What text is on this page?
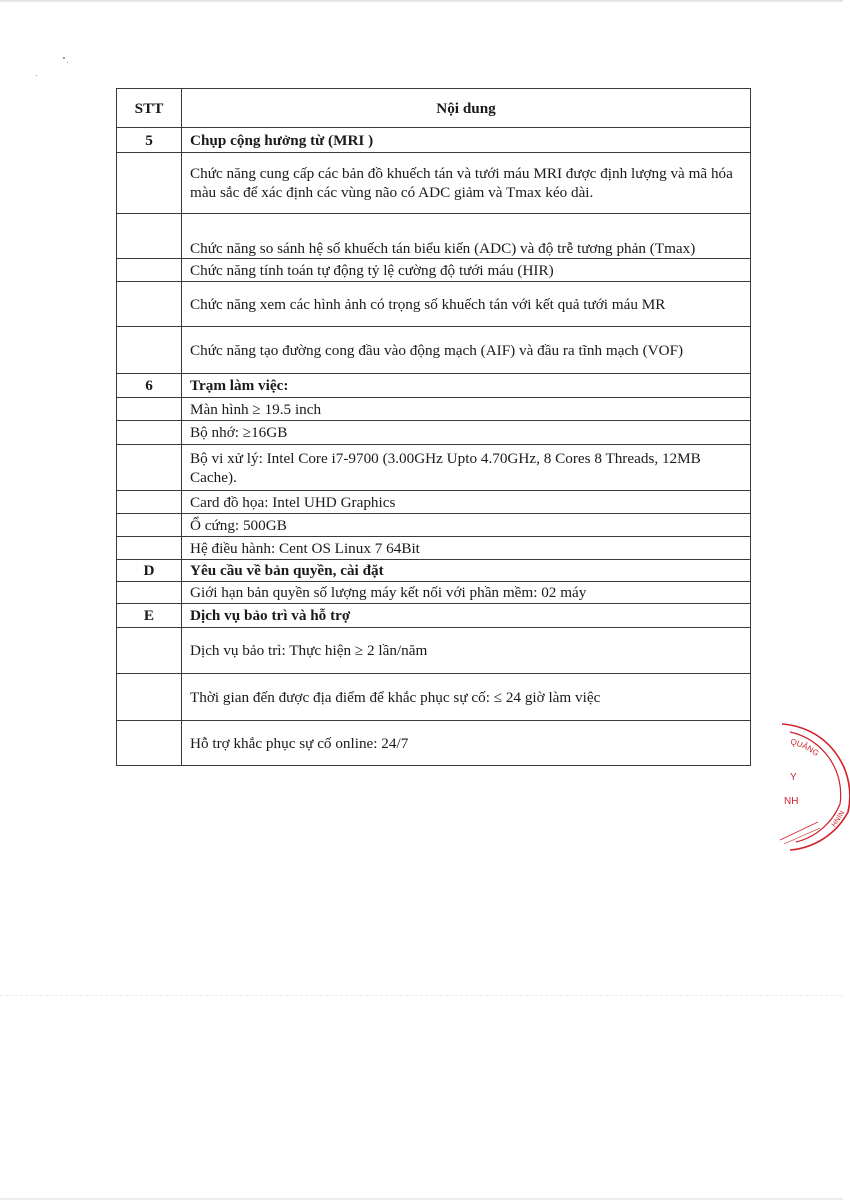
STT	Nội dung
5	Chụp cộng hưởng từ (MRI )
	Chức năng cung cấp các bản đồ khuếch tán và tưới máu MRI được định lượng và mã hóa màu sắc để xác định các vùng não có ADC giảm và Tmax kéo dài.
	Chức năng so sánh hệ số khuếch tán biểu kiến (ADC) và độ trễ tương phản (Tmax)
	Chức năng tính toán tự động tỷ lệ cường độ tưới máu (HIR)
	Chức năng xem các hình ảnh có trọng số khuếch tán với kết quả tưới máu MR
	Chức năng tạo đường cong đầu vào động mạch (AIF) và đầu ra tĩnh mạch (VOF)
6	Trạm làm việc:
	Màn hình ≥ 19.5 inch
	Bộ nhớ: ≥16GB
	Bộ vi xử lý: Intel Core i7-9700 (3.00GHz Upto 4.70GHz, 8 Cores 8 Threads, 12MB Cache).
	Card đồ họa: Intel UHD Graphics
	Ổ cứng: 500GB
	Hệ điều hành: Cent OS Linux 7 64Bit
D	Yêu cầu về bản quyền, cài đặt
	Giới hạn bản quyền số lượng máy kết nối với phần mềm: 02 máy
E	Dịch vụ bảo trì và hỗ trợ
	Dịch vụ bảo trì: Thực hiện ≥ 2 lần/năm
	Thời gian đến được địa điểm để khắc phục sự cố: ≤ 24 giờ làm việc
	Hỗ trợ khắc phục sự cố online: 24/7	QUẢNG
Y
NH
NINH
